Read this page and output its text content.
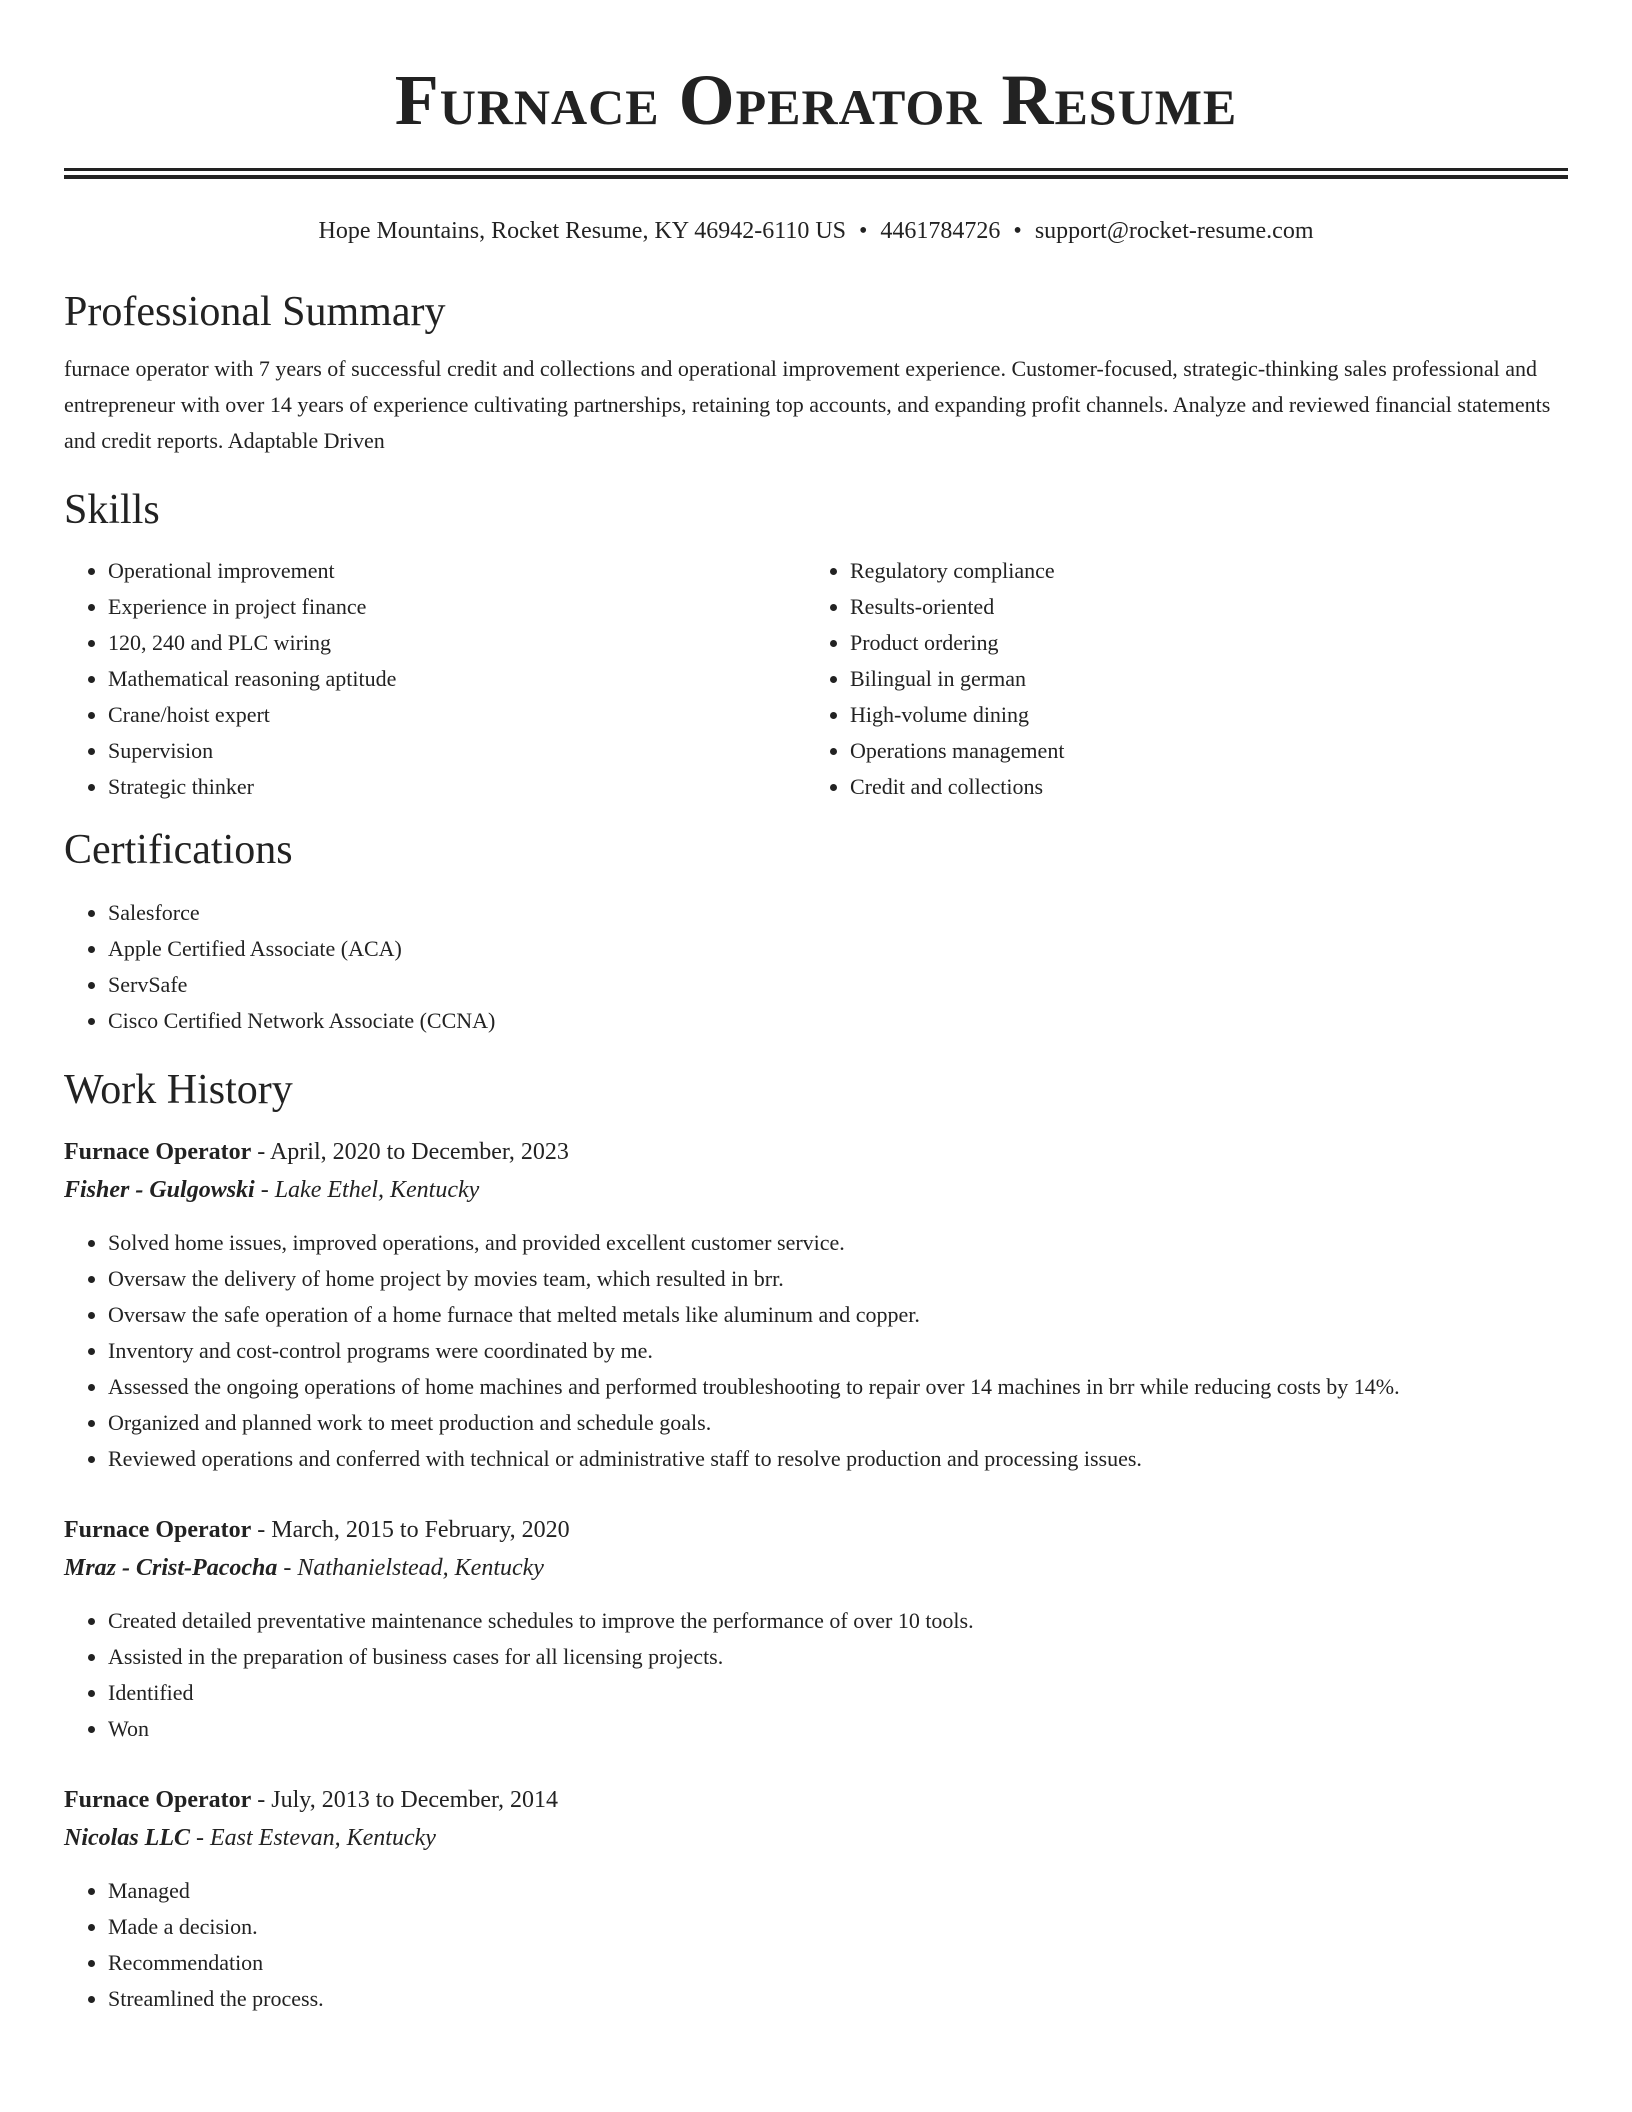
Furnace Operator Resume
Hope Mountains, Rocket Resume, KY 46942-6110 US • 4461784726 • support@rocket-resume.com
Professional Summary

furnace operator with 7 years of successful credit and collections and operational improvement experience. Customer-focused, strategic-thinking sales professional and entrepreneur with over 14 years of experience cultivating partnerships, retaining top accounts, and expanding profit channels. Analyze and reviewed financial statements and credit reports. Adaptable Driven

Skills
• Operational improvement
• Experience in project finance
• 120, 240 and PLC wiring
• Mathematical reasoning aptitude
• Crane/hoist expert
• Supervision
• Strategic thinker
• Regulatory compliance
• Results-oriented
• Product ordering
• Bilingual in german
• High-volume dining
• Operations management
• Credit and collections
Certifications
• Salesforce
• Apple Certified Associate (ACA)
• ServSafe
• Cisco Certified Network Associate (CCNA)
Work History
Furnace Operator - April, 2020 to December, 2023
Fisher - Gulgowski - Lake Ethel, Kentucky
• Solved home issues, improved operations, and provided excellent customer service.
• Oversaw the delivery of home project by movies team, which resulted in brr.
• Oversaw the safe operation of a home furnace that melted metals like aluminum and copper.
• Inventory and cost-control programs were coordinated by me.
• Assessed the ongoing operations of home machines and performed troubleshooting to repair over 14 machines in brr while reducing costs by 14%.
• Organized and planned work to meet production and schedule goals.
• Reviewed operations and conferred with technical or administrative staff to resolve production and processing issues.
Furnace Operator - March, 2015 to February, 2020
Mraz - Crist-Pacocha - Nathanielstead, Kentucky
• Created detailed preventative maintenance schedules to improve the performance of over 10 tools.
• Assisted in the preparation of business cases for all licensing projects.
• Identified
• Won
Furnace Operator - July, 2013 to December, 2014
Nicolas LLC - East Estevan, Kentucky
• Managed
• Made a decision.
• Recommendation
• Streamlined the process.
